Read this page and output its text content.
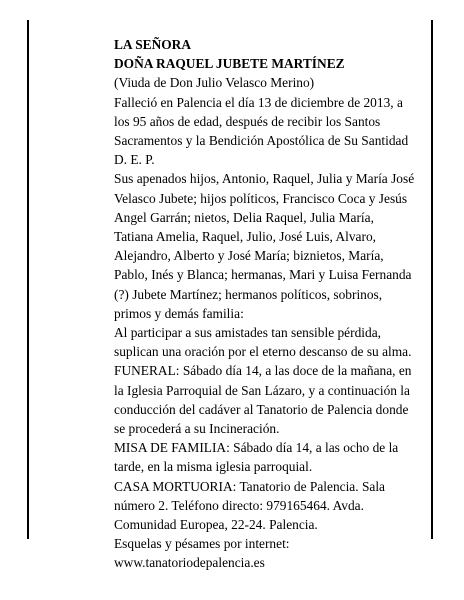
LA SEÑORA
DOÑA RAQUEL JUBETE MARTÍNEZ
(Viuda de Don Julio Velasco Merino)
Falleció en Palencia el día 13 de diciembre de 2013, a
los 95 años de edad, después de recibir los Santos
Sacramentos y la Bendición Apostólica de Su Santidad
D. E. P.
Sus apenados hijos, Antonio, Raquel, Julia y María José
Velasco Jubete; hijos políticos, Francisco Coca y Jesús
Angel Garrán; nietos, Delia Raquel, Julia María,
Tatiana Amelia, Raquel, Julio, José Luis, Alvaro,
Alejandro, Alberto y José María; biznietos, María,
Pablo, Inés y Blanca; hermanas, Mari y Luisa Fernanda
(?) Jubete Martínez; hermanos políticos, sobrinos,
primos y demás familia:
Al participar a sus amistades tan sensible pérdida,
suplican una oración por el eterno descanso de su alma.
FUNERAL: Sábado día 14, a las doce de la mañana, en
la Iglesia Parroquial de San Lázaro, y a continuación la
conducción del cadáver al Tanatorio de Palencia donde
se procederá a su Incineración.
MISA DE FAMILIA: Sábado día 14, a las ocho de la
tarde, en la misma iglesia parroquial.
CASA MORTUORIA: Tanatorio de Palencia. Sala
número 2. Teléfono directo: 979165464. Avda.
Comunidad Europea, 22-24. Palencia.
Esquelas y pésames por internet:
www.tanatoriodepalencia.es
